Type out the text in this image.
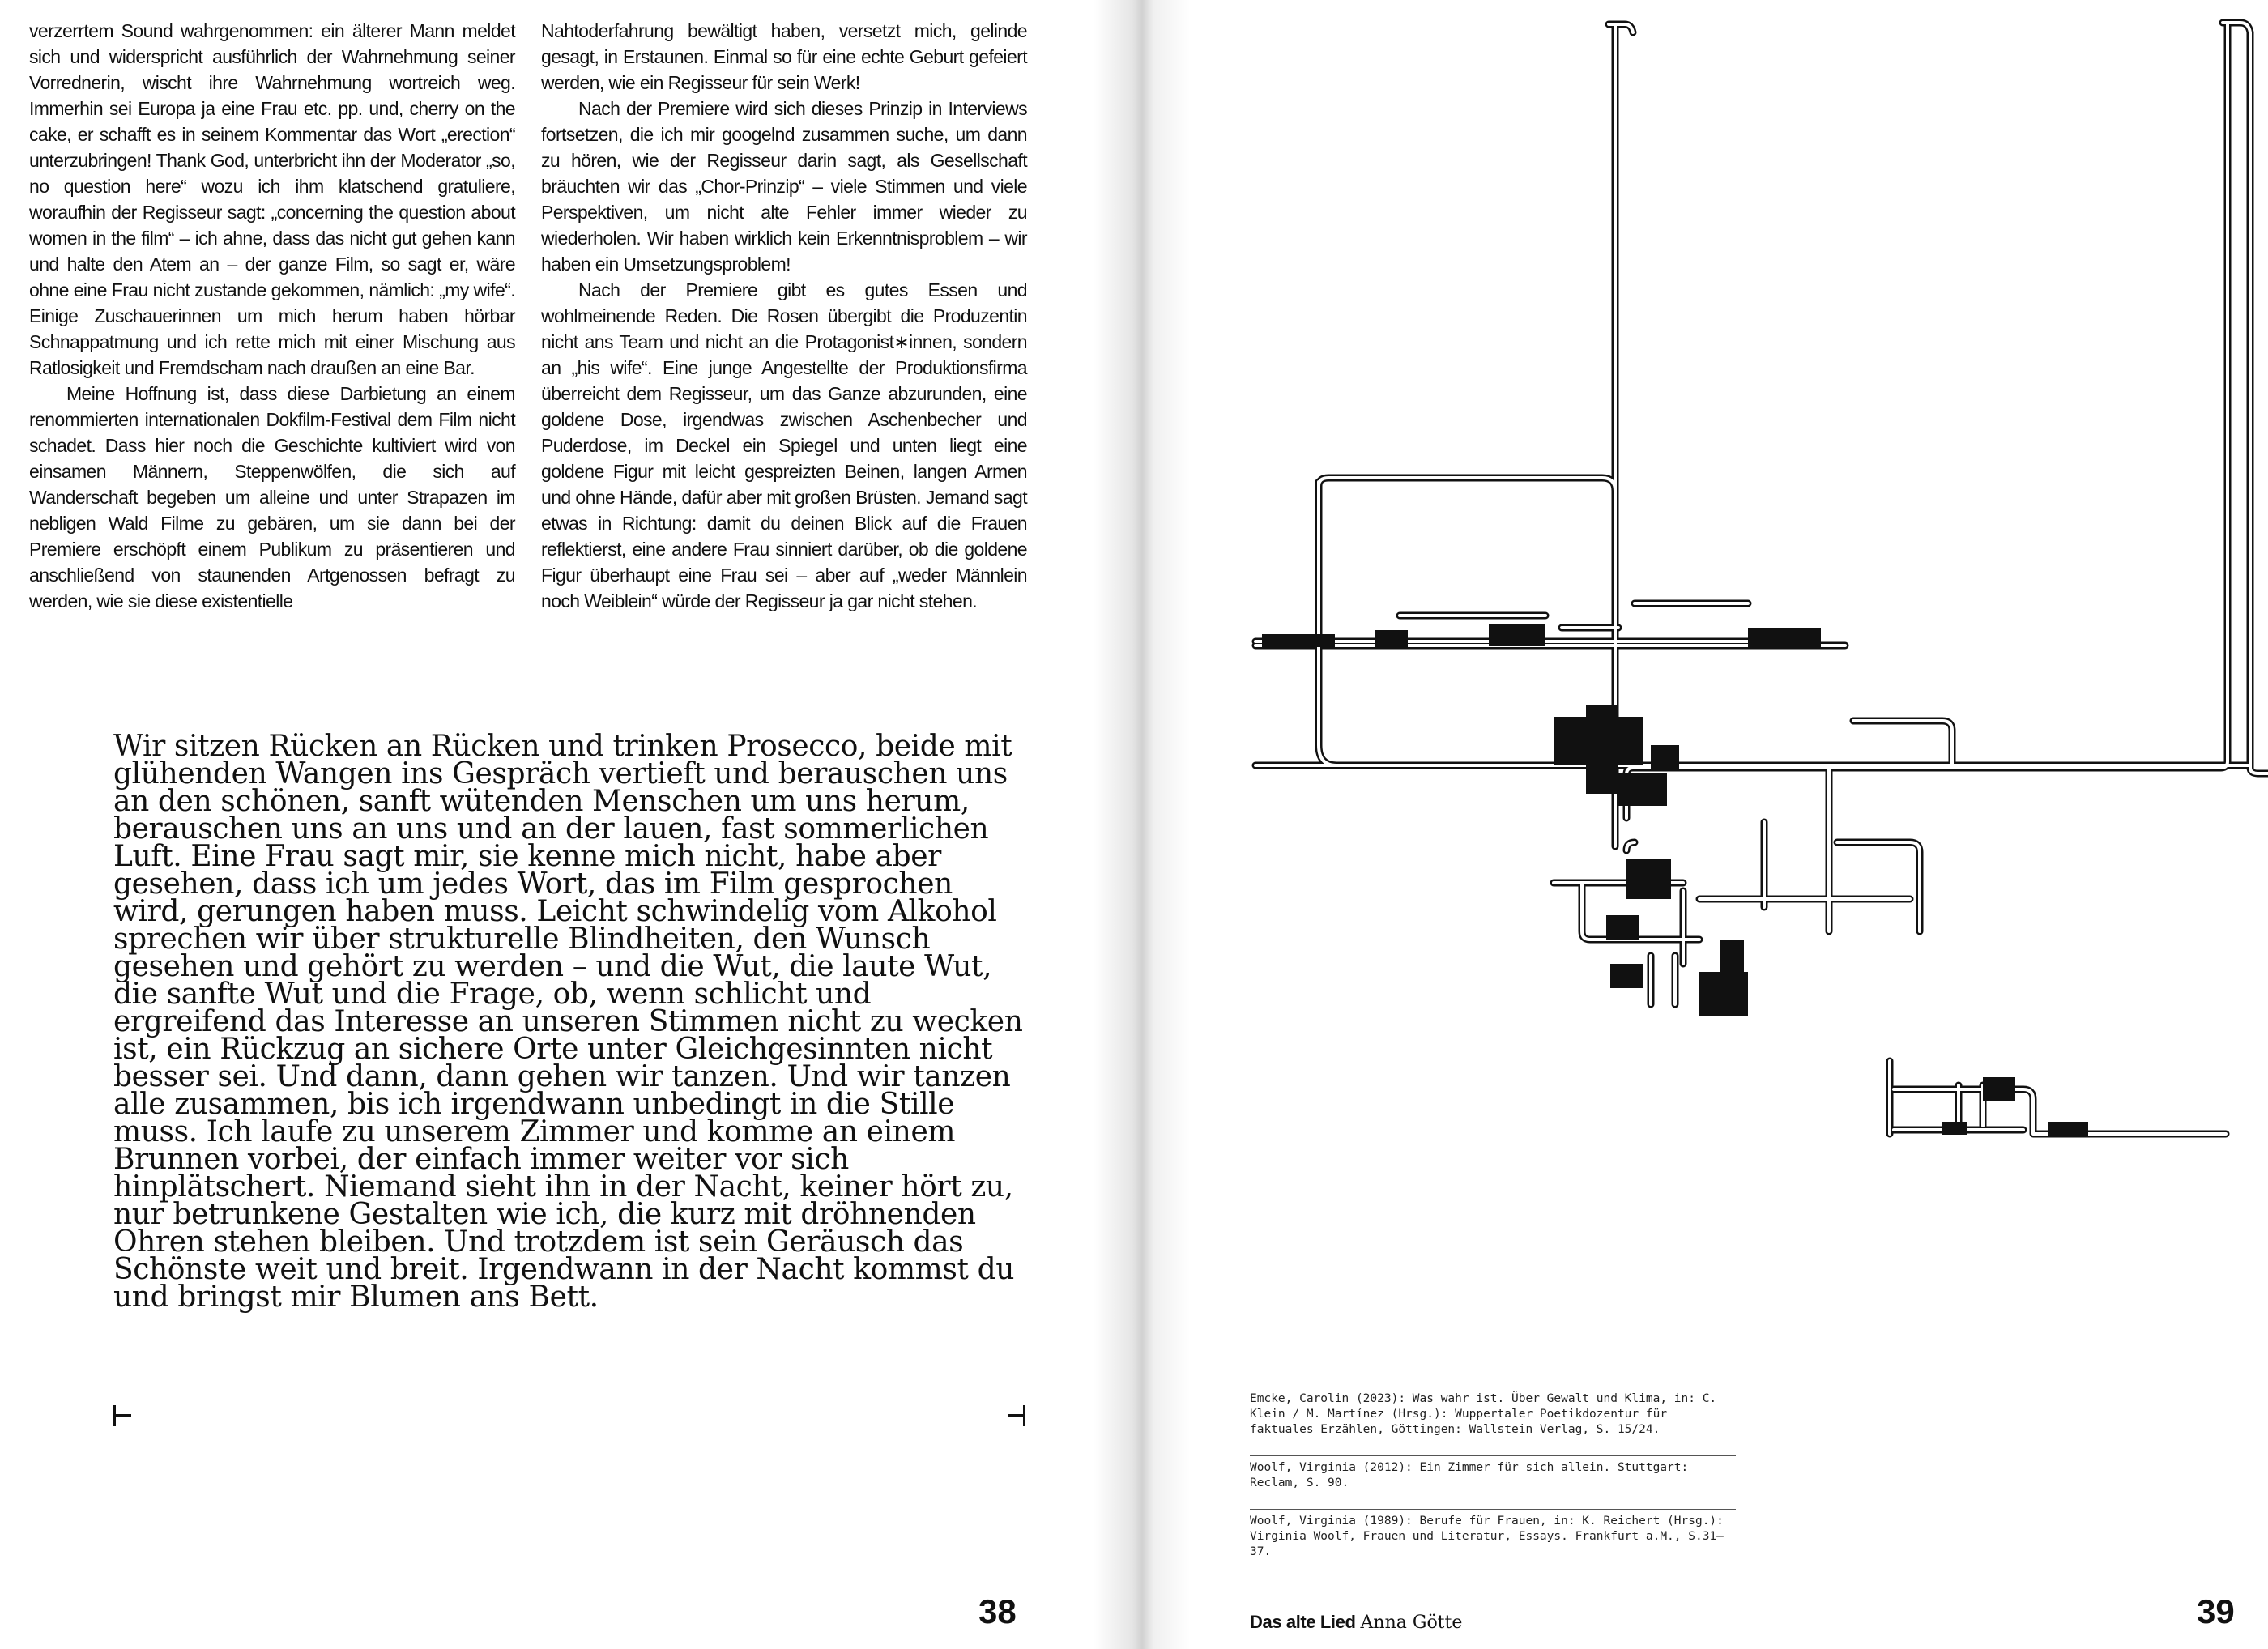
verzerrtem Sound wahrgenommen: ein älterer Mann meldet sich und widerspricht ausführlich der Wahrnehmung seiner Vorrednerin, wischt ihre Wahrnehmung wortreich weg. Immerhin sei Europa ja eine Frau etc. pp. und, cherry on the cake, er schafft es in seinem Kommentar das Wort „erection“ unterzubringen! Thank God, unterbricht ihn der Moderator „so, no question here“ wozu ich ihm klatschend gratuliere, woraufhin der Regisseur sagt: „concerning the question about women in the film“ – ich ahne, dass das nicht gut gehen kann und halte den Atem an – der ganze Film, so sagt er, wäre ohne eine Frau nicht zustande gekommen, nämlich: „my wife“. Einige Zuschauerinnen um mich herum haben hörbar Schnappatmung und ich rette mich mit einer Mischung aus Ratlosigkeit und Fremdscham nach draußen an eine Bar.

Meine Hoffnung ist, dass diese Darbietung an einem renommierten internationalen Dokfilm-Festival dem Film nicht schadet. Dass hier noch die Geschichte kultiviert wird von einsamen Männern, Steppenwölfen, die sich auf Wanderschaft begeben um alleine und unter Strapazen im nebligen Wald Filme zu gebären, um sie dann bei der Premiere erschöpft einem Publikum zu präsentieren und anschließend von staunenden Artgenossen befragt zu werden, wie sie diese existentielle

Nahtoderfahrung bewältigt haben, versetzt mich, gelinde gesagt, in Erstaunen. Einmal so für eine echte Geburt gefeiert werden, wie ein Regisseur für sein Werk!

Nach der Premiere wird sich dieses Prinzip in Interviews fortsetzen, die ich mir googelnd zusammen suche, um dann zu hören, wie der Regisseur darin sagt, als Gesellschaft bräuchten wir das „Chor-Prinzip“ – viele Stimmen und viele Perspektiven, um nicht alte Fehler immer wieder zu wiederholen. Wir haben wirklich kein Erkenntnisproblem – wir haben ein Umsetzungsproblem!

Nach der Premiere gibt es gutes Essen und wohlmeinende Reden. Die Rosen übergibt die Produzentin nicht ans Team und nicht an die Protagonist∗innen, sondern an „his wife“. Eine junge Angestellte der Produktionsfirma überreicht dem Regisseur, um das Ganze abzurunden, eine goldene Dose, irgendwas zwischen Aschenbecher und Puderdose, im Deckel ein Spiegel und unten liegt eine goldene Figur mit leicht gespreizten Beinen, langen Armen und ohne Hände, dafür aber mit großen Brüsten. Jemand sagt etwas in Richtung: damit du deinen Blick auf die Frauen reflektierst, eine andere Frau sinniert darüber, ob die goldene Figur überhaupt eine Frau sei – aber auf „weder Männlein noch Weiblein“ würde der Regisseur ja gar nicht stehen.

Wir sitzen Rücken an Rücken und trinken Prosecco, beide mit glühenden Wangen ins Gespräch vertieft und berauschen uns an den schönen, sanft wütenden Menschen um uns herum, berauschen uns an uns und an der lauen, fast sommerlichen Luft. Eine Frau sagt mir, sie kenne mich nicht, habe aber gesehen, dass ich um jedes Wort, das im Film gesprochen wird, gerungen haben muss. Leicht schwindelig vom Alkohol sprechen wir über strukturelle Blindheiten, den Wunsch gesehen und gehört zu werden – und die Wut, die laute Wut, die sanfte Wut und die Frage, ob, wenn schlicht und ergreifend das Interesse an unseren Stimmen nicht zu wecken ist, ein Rückzug an sichere Orte unter Gleichgesinnten nicht besser sei. Und dann, dann gehen wir tanzen. Und wir tanzen alle zusammen, bis ich irgendwann unbedingt in die Stille muss. Ich laufe zu unserem Zimmer und komme an einem Brunnen vorbei, der einfach immer weiter vor sich hinplätschert. Niemand sieht ihn in der Nacht, keiner hört zu, nur betrunkene Gestalten wie ich, die kurz mit dröhnenden Ohren stehen bleiben. Und trotzdem ist sein Geräusch das Schönste weit und breit. Irgendwann in der Nacht kommst du und bringst mir Blumen ans Bett.

38
Emcke, Carolin (2023): Was wahr ist. Über Gewalt und Klima, in: C. Klein / M. Martínez (Hrsg.): Wuppertaler Poetikdozentur für faktuales Erzählen, Göttingen: Wallstein Verlag, S. 15/24.
Woolf, Virginia (2012): Ein Zimmer für sich allein. Stuttgart: Reclam, S. 90.
Woolf, Virginia (1989): Berufe für Frauen, in: K. Reichert (Hrsg.): Virginia Woolf, Frauen und Literatur, Essays. Frankfurt a.M., S.31–37.
Das alte Lied Anna Götte	39
